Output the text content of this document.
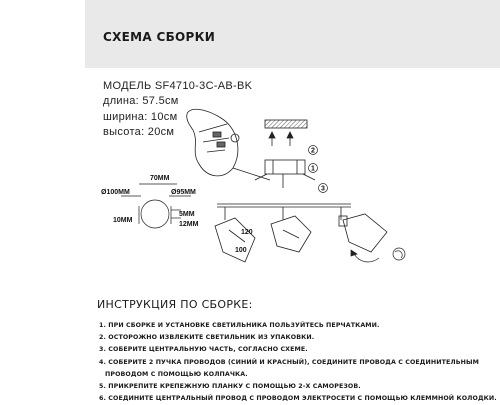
СХЕМА СБОРКИ
МОДЕЛЬ SF4710-3C-AB-BK
длина: 57.5см
ширина: 10см
высота: 20см
2
3
1
70MM
Ø100MM	Ø95MM
10MM
5MM
12MM
100
120
ИНСТРУКЦИЯ ПО СБОРКЕ:
1. ПРИ СБОРКЕ И УСТАНОВКЕ СВЕТИЛЬНИКА ПОЛЬЗУЙТЕСЬ ПЕРЧАТКАМИ.
2. ОСТОРОЖНО ИЗВЛЕКИТЕ СВЕТИЛЬНИК ИЗ УПАКОВКИ.
3. СОБЕРИТЕ ЦЕНТРАЛЬНУЮ ЧАСТЬ, СОГЛАСНО СХЕМЕ.
4. СОБЕРИТЕ 2 ПУЧКА ПРОВОДОВ (СИНИЙ И КРАСНЫЙ), СОЕДИНИТЕ ПРОВОДА С СОЕДИНИТЕЛЬНЫМ
ПРОВОДОМ С ПОМОЩЬЮ КОЛПАЧКА.
5. ПРИКРЕПИТЕ КРЕПЕЖНУЮ ПЛАНКУ С ПОМОЩЬЮ 2-Х САМОРЕЗОВ.
6. СОЕДИНИТЕ ЦЕНТРАЛЬНЫЙ ПРОВОД С ПРОВОДОМ ЭЛЕКТРОСЕТИ С ПОМОЩЬЮ КЛЕММНОЙ КОЛОДКИ.
